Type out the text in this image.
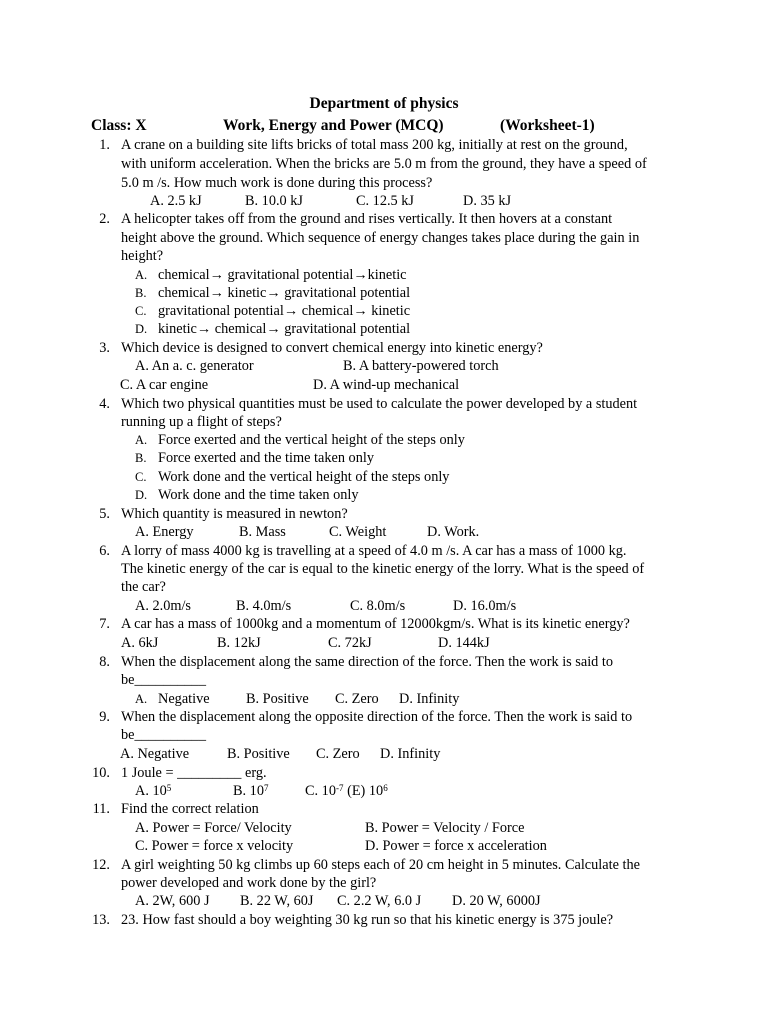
Department of physics
Class: X	Work, Energy and Power (MCQ)	(Worksheet-1)
1. A crane on a building site lifts bricks of total mass 200 kg, initially at rest on the ground,
with uniform acceleration. When the bricks are 5.0 m from the ground, they have a speed of
5.0 m /s. How much work is done during this process?
A. 2.5 kJ	B. 10.0 kJ	C. 12.5 kJ	D. 35 kJ
2. A helicopter takes off from the ground and rises vertically. It then hovers at a constant
height above the ground. Which sequence of energy changes takes place during the gain in
height?
A. chemical→ gravitational potential→kinetic
B. chemical→ kinetic→ gravitational potential
C. gravitational potential→ chemical→ kinetic
D. kinetic→ chemical→ gravitational potential
3. Which device is designed to convert chemical energy into kinetic energy?
A. An a. c. generator	B. A battery-powered torch
C. A car engine	D. A wind-up mechanical
4. Which two physical quantities must be used to calculate the power developed by a student
running up a flight of steps?
A. Force exerted and the vertical height of the steps only
B. Force exerted and the time taken only
C. Work done and the vertical height of the steps only
D. Work done and the time taken only
5. Which quantity is measured in newton?
A. Energy	B. Mass	C. Weight	D. Work.
6. A lorry of mass 4000 kg is travelling at a speed of 4.0 m /s. A car has a mass of 1000 kg.
The kinetic energy of the car is equal to the kinetic energy of the lorry. What is the speed of
the car?
A. 2.0m/s	B. 4.0m/s	C. 8.0m/s	D. 16.0m/s
7. A car has a mass of 1000kg and a momentum of 12000kgm/s. What is its kinetic energy?
A. 6kJ	B. 12kJ	C. 72kJ	D. 144kJ
8. When the displacement along the same direction of the force. Then the work is said to
be__________
A. Negative	B. Positive C. Zero D. Infinity
9. When the displacement along the opposite direction of the force. Then the work is said to
be__________
A. Negative	B. Positive C. Zero D. Infinity
10. 1 Joule = _________ erg.
A. $10^5$	B. $10^7$	C. $10^{-7}$ (E) $10^6$
11. Find the correct relation
A. Power = Force/ Velocity	B. Power = Velocity / Force
C. Power = force x velocity	D. Power = force x acceleration
12. A girl weighting 50 kg climbs up 60 steps each of 20 cm height in 5 minutes. Calculate the
power developed and work done by the girl?
A. 2W, 600 J B. 22 W, 60J C. 2.2 W, 6.0 J D. 20 W, 6000J
13. 23. How fast should a boy weighting 30 kg run so that his kinetic energy is 375 joule?
